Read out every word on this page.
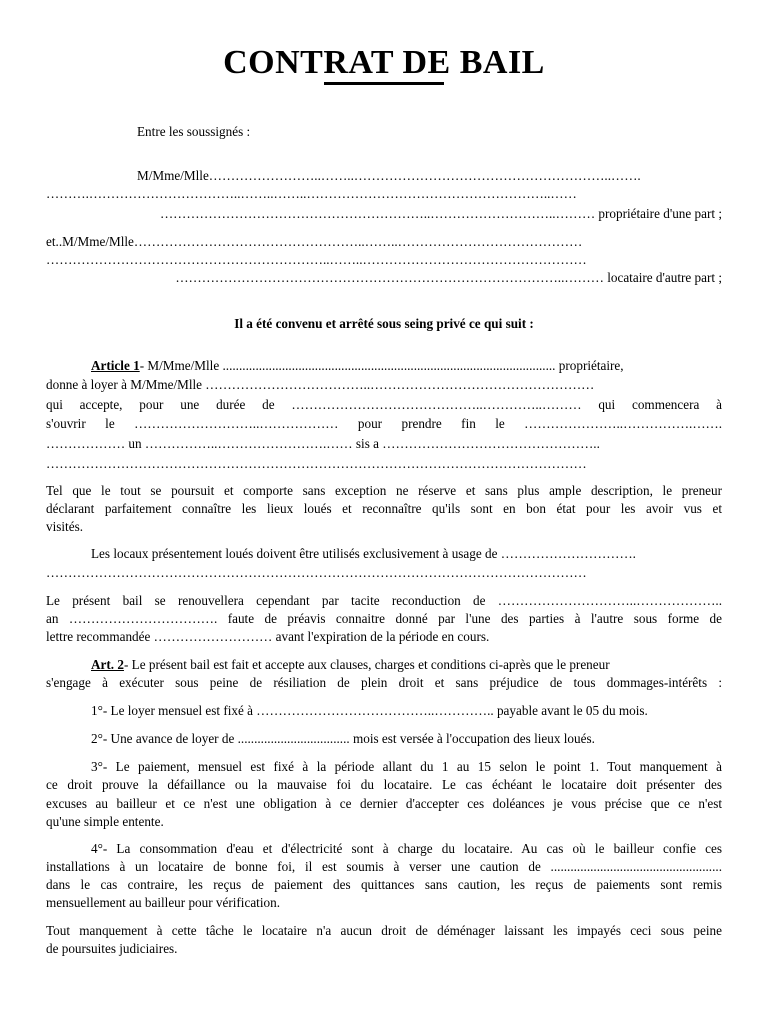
CONTRAT DE BAIL
Entre les soussignés :
M/Mme/Mlle……………………..……..…………………………………………………..…….
……….……………………………..……..……..………………………………………………..……
……………………………………………………..………………………..……… propriétaire d'une part ;
et..M/Mme/Mlle……………………………………………..……..……………………………………
………………………………………………………..……..……………………………………………
……………………………………………………………………………..……… locataire d'autre part ;
Il a été convenu et arrêté sous seing privé ce qui suit :
Article 1- M/Mme/Mlle ..................................................................................................... propriétaire,
donne à loyer à M/Mme/Mlle ………………………………..……………………………………………
qui accepte, pour une durée de ……………………………………..…………..……… qui commencera à
s'ouvrir le ………………………..……………… pour prendre fin le …………………..…………….…….
……………… un ……………..…………………….…… sis a …………………………………………..
……………………………………………………………………………………………………………
Tel que le tout se poursuit et comporte sans exception ne réserve et sans plus ample description, le preneur
déclarant parfaitement connaître les lieux loués et reconnaître qu'ils sont en bon état pour les avoir vus et
visités.
Les locaux présentement loués doivent être utilisés exclusivement à usage de ………………………….
……………………………………………………………………………………………………………
Le présent bail se renouvellera cependant par tacite reconduction de …………………………..………………..
an ……………………………. faute de préavis connaitre donné par l'une des parties à l'autre sous forme de
lettre recommandée ……………………… avant l'expiration de la période en cours.
Art. 2- Le présent bail est fait et accepte aux clauses, charges et conditions ci-après que le preneur
s'engage à exécuter sous peine de résiliation de plein droit et sans préjudice de tous dommages-intérêts :
1°- Le loyer mensuel est fixé à …………………………………..………….. payable avant le 05 du mois.
2°- Une avance de loyer de .................................. mois est versée à l'occupation des lieux loués.
3°- Le paiement, mensuel est fixé à la période allant du 1 au 15 selon le point 1. Tout manquement à
ce droit prouve la défaillance ou la mauvaise foi du locataire. Le cas échéant le locataire doit présenter des
excuses au bailleur et ce n'est une obligation à ce dernier d'accepter ces doléances je vous précise que ce n'est
qu'une simple entente.
4°- La consommation d'eau et d'électricité sont à charge du locataire. Au cas où le bailleur confie ces
installations à un locataire de bonne foi, il est soumis à verser une caution de ....................................................
dans le cas contraire, les reçus de paiement des quittances sans caution, les reçus de paiements sont remis
mensuellement au bailleur pour vérification.
Tout manquement à cette tâche le locataire n'a aucun droit de déménager laissant les impayés ceci sous peine
de poursuites judiciaires.
